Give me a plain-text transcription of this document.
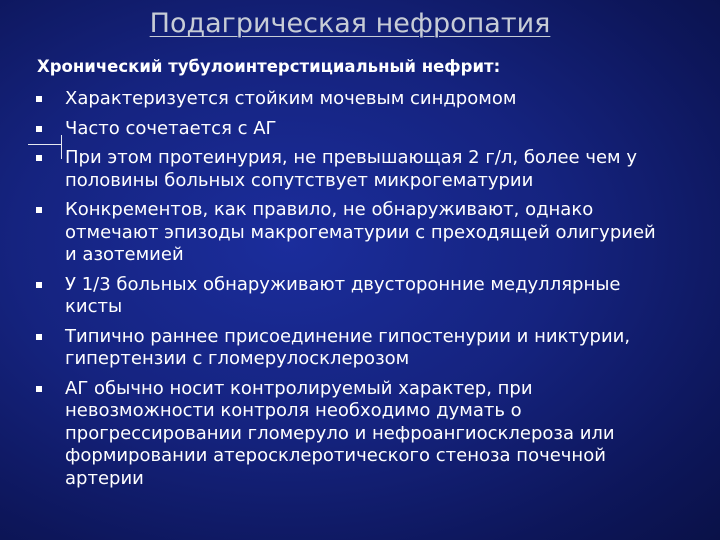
Подагрическая нефропатия
Хронический тубулоинтерстициальный нефрит:
Характеризуется стойким мочевым синдромом
Часто сочетается с АГ
При этом протеинурия, не превышающая 2 г/л, более чем у
половины больных сопутствует микрогематурии
Конкрементов, как правило, не обнаруживают, однако
отмечают эпизоды макрогематурии с преходящей олигурией
и азотемией
У 1/3 больных обнаруживают двусторонние медуллярные
кисты
Типично раннее присоединение гипостенурии и никтурии,
гипертензии с гломерулосклерозом
АГ обычно носит контролируемый характер, при
невозможности контроля необходимо думать о
прогрессировании гломеруло и нефроангиосклероза или
формировании атеросклеротического стеноза почечной
артерии
